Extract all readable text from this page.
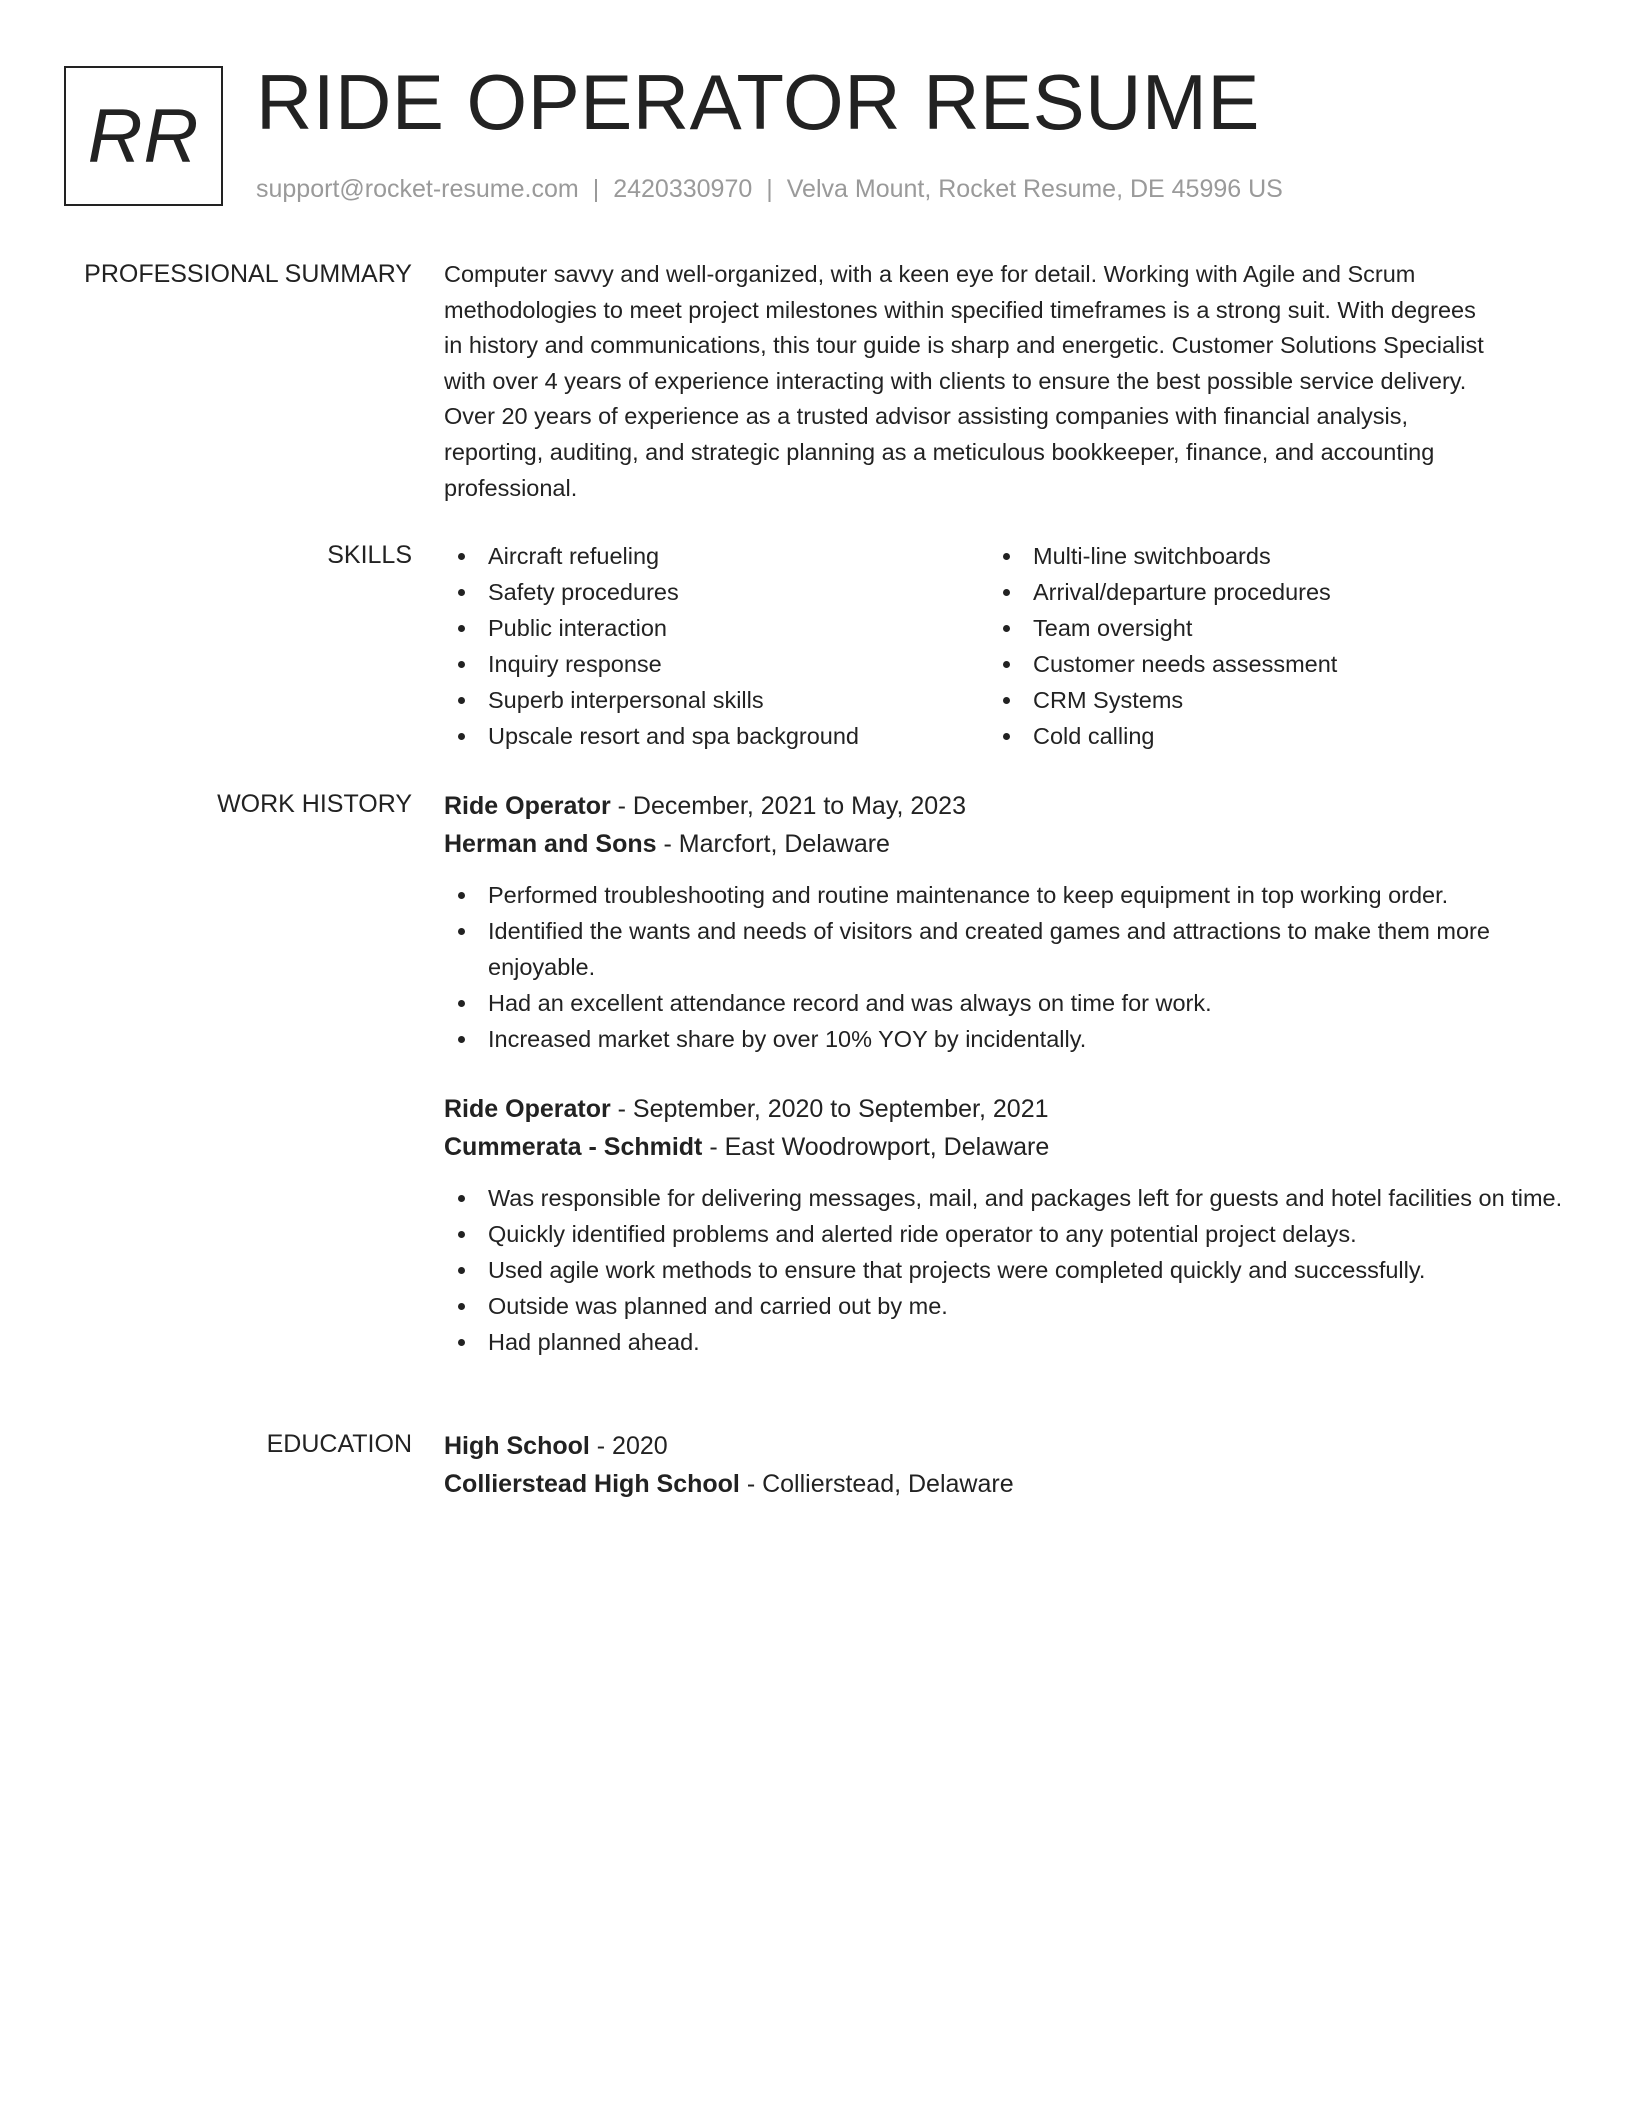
RR RIDE OPERATOR RESUME
support@rocket-resume.com | 2420330970 | Velva Mount, Rocket Resume, DE 45996 US
PROFESSIONAL SUMMARY Computer savvy and well-organized, with a keen eye for detail. Working with Agile and Scrum
methodologies to meet project milestones within specified timeframes is a strong suit. With degrees
in history and communications, this tour guide is sharp and energetic. Customer Solutions Specialist
with over 4 years of experience interacting with clients to ensure the best possible service delivery.
Over 20 years of experience as a trusted advisor assisting companies with financial analysis,
reporting, auditing, and strategic planning as a meticulous bookkeeper, finance, and accounting
professional.
SKILLS	Aircraft refueling
Safety procedures
Public interaction
Inquiry response
Superb interpersonal skills
Upscale resort and spa background
Multi-line switchboards
Arrival/departure procedures
Team oversight
Customer needs assessment
CRM Systems
Cold calling
WORK HISTORY Ride Operator - December, 2021 to May, 2023
Herman and Sons - Marcfort, Delaware
Performed troubleshooting and routine maintenance to keep equipment in top working order.
Identified the wants and needs of visitors and created games and attractions to make them more enjoyable.
Had an excellent attendance record and was always on time for work.
Increased market share by over 10% YOY by incidentally.
Ride Operator - September, 2020 to September, 2021
Cummerata - Schmidt - East Woodrowport, Delaware
Was responsible for delivering messages, mail, and packages left for guests and hotel facilities on time.
Quickly identified problems and alerted ride operator to any potential project delays.
Used agile work methods to ensure that projects were completed quickly and successfully.
Outside was planned and carried out by me.
Had planned ahead.
EDUCATION High School - 2020
Collierstead High School - Collierstead, Delaware
